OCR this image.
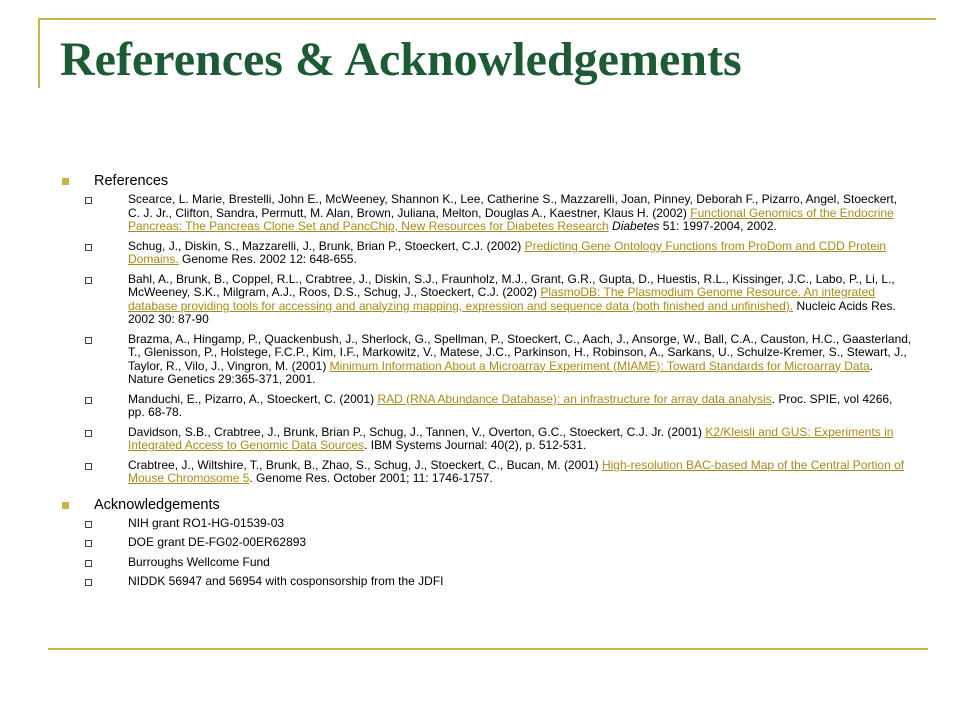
References & Acknowledgements
References
Scearce, L. Marie, Brestelli, John E., McWeeney, Shannon K., Lee, Catherine S., Mazzarelli, Joan, Pinney, Deborah F., Pizarro, Angel, Stoeckert, C. J. Jr., Clifton, Sandra, Permutt, M. Alan, Brown, Juliana, Melton, Douglas A., Kaestner, Klaus H. (2002) Functional Genomics of the Endocrine Pancreas: The Pancreas Clone Set and PancChip, New Resources for Diabetes Research Diabetes 51: 1997-2004, 2002.
Schug, J., Diskin, S., Mazzarelli, J., Brunk, Brian P., Stoeckert, C.J. (2002) Predicting Gene Ontology Functions from ProDom and CDD Protein Domains. Genome Res. 2002 12: 648-655.
Bahl, A., Brunk, B., Coppel, R.L., Crabtree, J., Diskin, S.J., Fraunholz, M.J., Grant, G.R., Gupta, D., Huestis, R.L., Kissinger, J.C., Labo, P., Li, L., McWeeney, S.K., Milgram, A.J., Roos, D.S., Schug, J., Stoeckert, C.J. (2002) PlasmoDB: The Plasmodium Genome Resource. An integrated database providing tools for accessing and analyzing mapping, expression and sequence data (both finished and unfinished). Nucleic Acids Res. 2002 30: 87-90
Brazma, A., Hingamp, P., Quackenbush, J., Sherlock, G., Spellman, P., Stoeckert, C., Aach, J., Ansorge, W., Ball, C.A., Causton, H.C., Gaasterland, T., Glenisson, P., Holstege, F.C.P., Kim, I.F., Markowitz, V., Matese, J.C., Parkinson, H., Robinson, A., Sarkans, U., Schulze-Kremer, S., Stewart, J., Taylor, R., Vilo, J., Vingron, M. (2001) Minimum Information About a Microarray Experiment (MIAME): Toward Standards for Microarray Data. Nature Genetics 29:365-371, 2001.
Manduchi, E., Pizarro, A., Stoeckert, C. (2001) RAD (RNA Abundance Database): an infrastructure for array data analysis. Proc. SPIE, vol 4266, pp. 68-78.
Davidson, S.B., Crabtree, J., Brunk, Brian P., Schug, J., Tannen, V., Overton, G.C., Stoeckert, C.J. Jr. (2001) K2/Kleisli and GUS: Experiments in Integrated Access to Genomic Data Sources. IBM Systems Journal: 40(2), p. 512-531.
Crabtree, J., Wiltshire, T., Brunk, B., Zhao, S., Schug, J., Stoeckert, C., Bucan, M. (2001) High-resolution BAC-based Map of the Central Portion of Mouse Chromosome 5. Genome Res. October 2001; 11: 1746-1757.
Acknowledgements
NIH grant RO1-HG-01539-03
DOE grant DE-FG02-00ER62893
Burroughs Wellcome Fund
NIDDK 56947 and 56954 with cosponsorship from the JDFI
